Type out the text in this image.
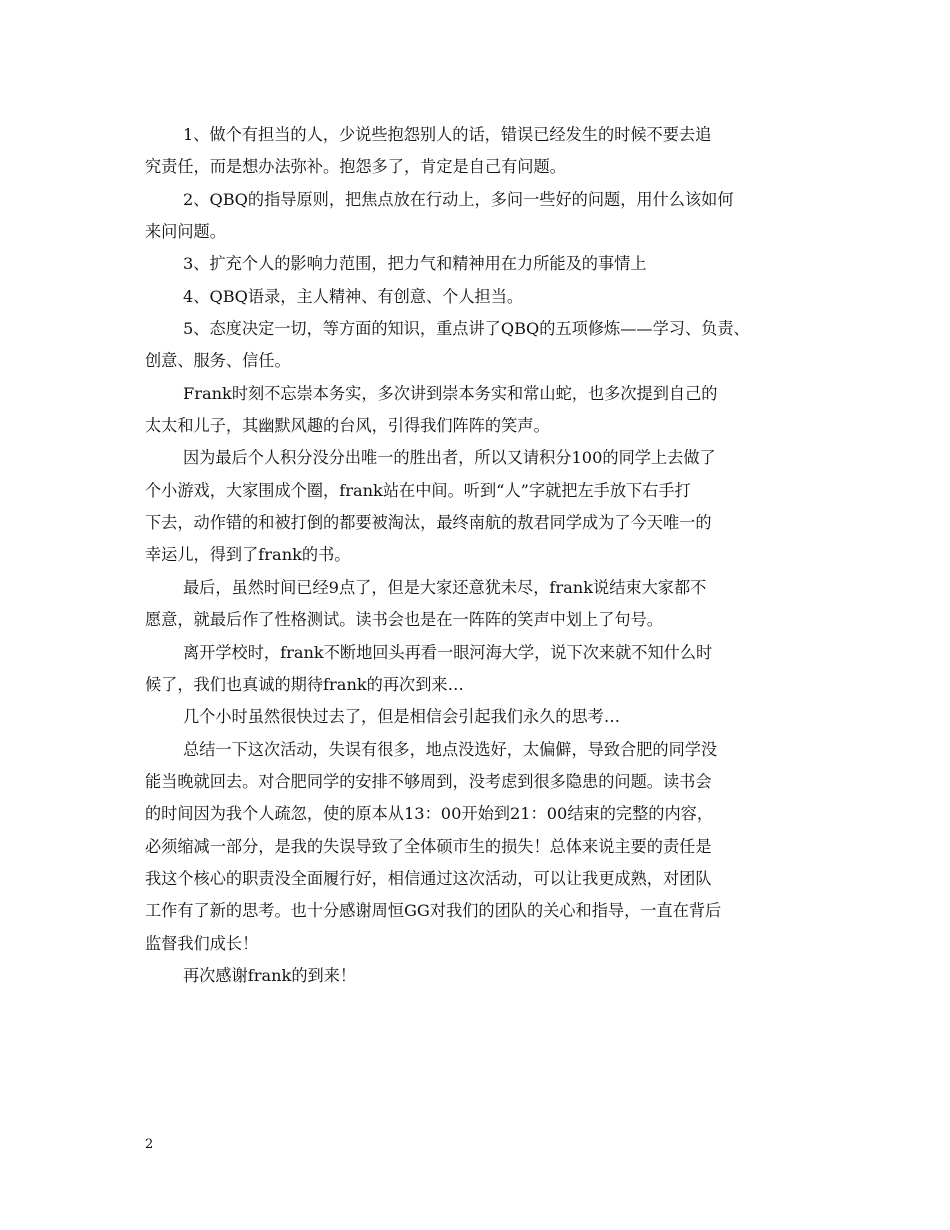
1、做个有担当的人，少说些抱怨别人的话，错误已经发生的时候不要去追
究责任，而是想办法弥补。抱怨多了，肯定是自己有问题。
2、QBQ的指导原则，把焦点放在行动上，多问一些好的问题，用什么该如何
来问问题。
3、扩充个人的影响力范围，把力气和精神用在力所能及的事情上
4、QBQ语录，主人精神、有创意、个人担当。
5、态度决定一切，等方面的知识，重点讲了QBQ的五项修炼——学习、负责、
创意、服务、信任。
Frank时刻不忘崇本务实，多次讲到崇本务实和常山蛇，也多次提到自己的
太太和儿子，其幽默风趣的台风，引得我们阵阵的笑声。
因为最后个人积分没分出唯一的胜出者，所以又请积分100的同学上去做了
个小游戏，大家围成个圈，frank站在中间。听到“人”字就把左手放下右手打
下去，动作错的和被打倒的都要被淘汰，最终南航的敖君同学成为了今天唯一的
幸运儿，得到了frank的书。
最后，虽然时间已经9点了，但是大家还意犹未尽，frank说结束大家都不
愿意，就最后作了性格测试。读书会也是在一阵阵的笑声中划上了句号。
离开学校时，frank不断地回头再看一眼河海大学，说下次来就不知什么时
候了，我们也真诚的期待frank的再次到来…
几个小时虽然很快过去了，但是相信会引起我们永久的思考…
总结一下这次活动，失误有很多，地点没选好，太偏僻，导致合肥的同学没
能当晚就回去。对合肥同学的安排不够周到，没考虑到很多隐患的问题。读书会
的时间因为我个人疏忽，使的原本从13：00开始到21：00结束的完整的内容，
必须缩减一部分，是我的失误导致了全体硕市生的损失！总体来说主要的责任是
我这个核心的职责没全面履行好，相信通过这次活动，可以让我更成熟，对团队
工作有了新的思考。也十分感谢周恒GG对我们的团队的关心和指导，一直在背后
监督我们成长！
再次感谢frank的到来！
2
